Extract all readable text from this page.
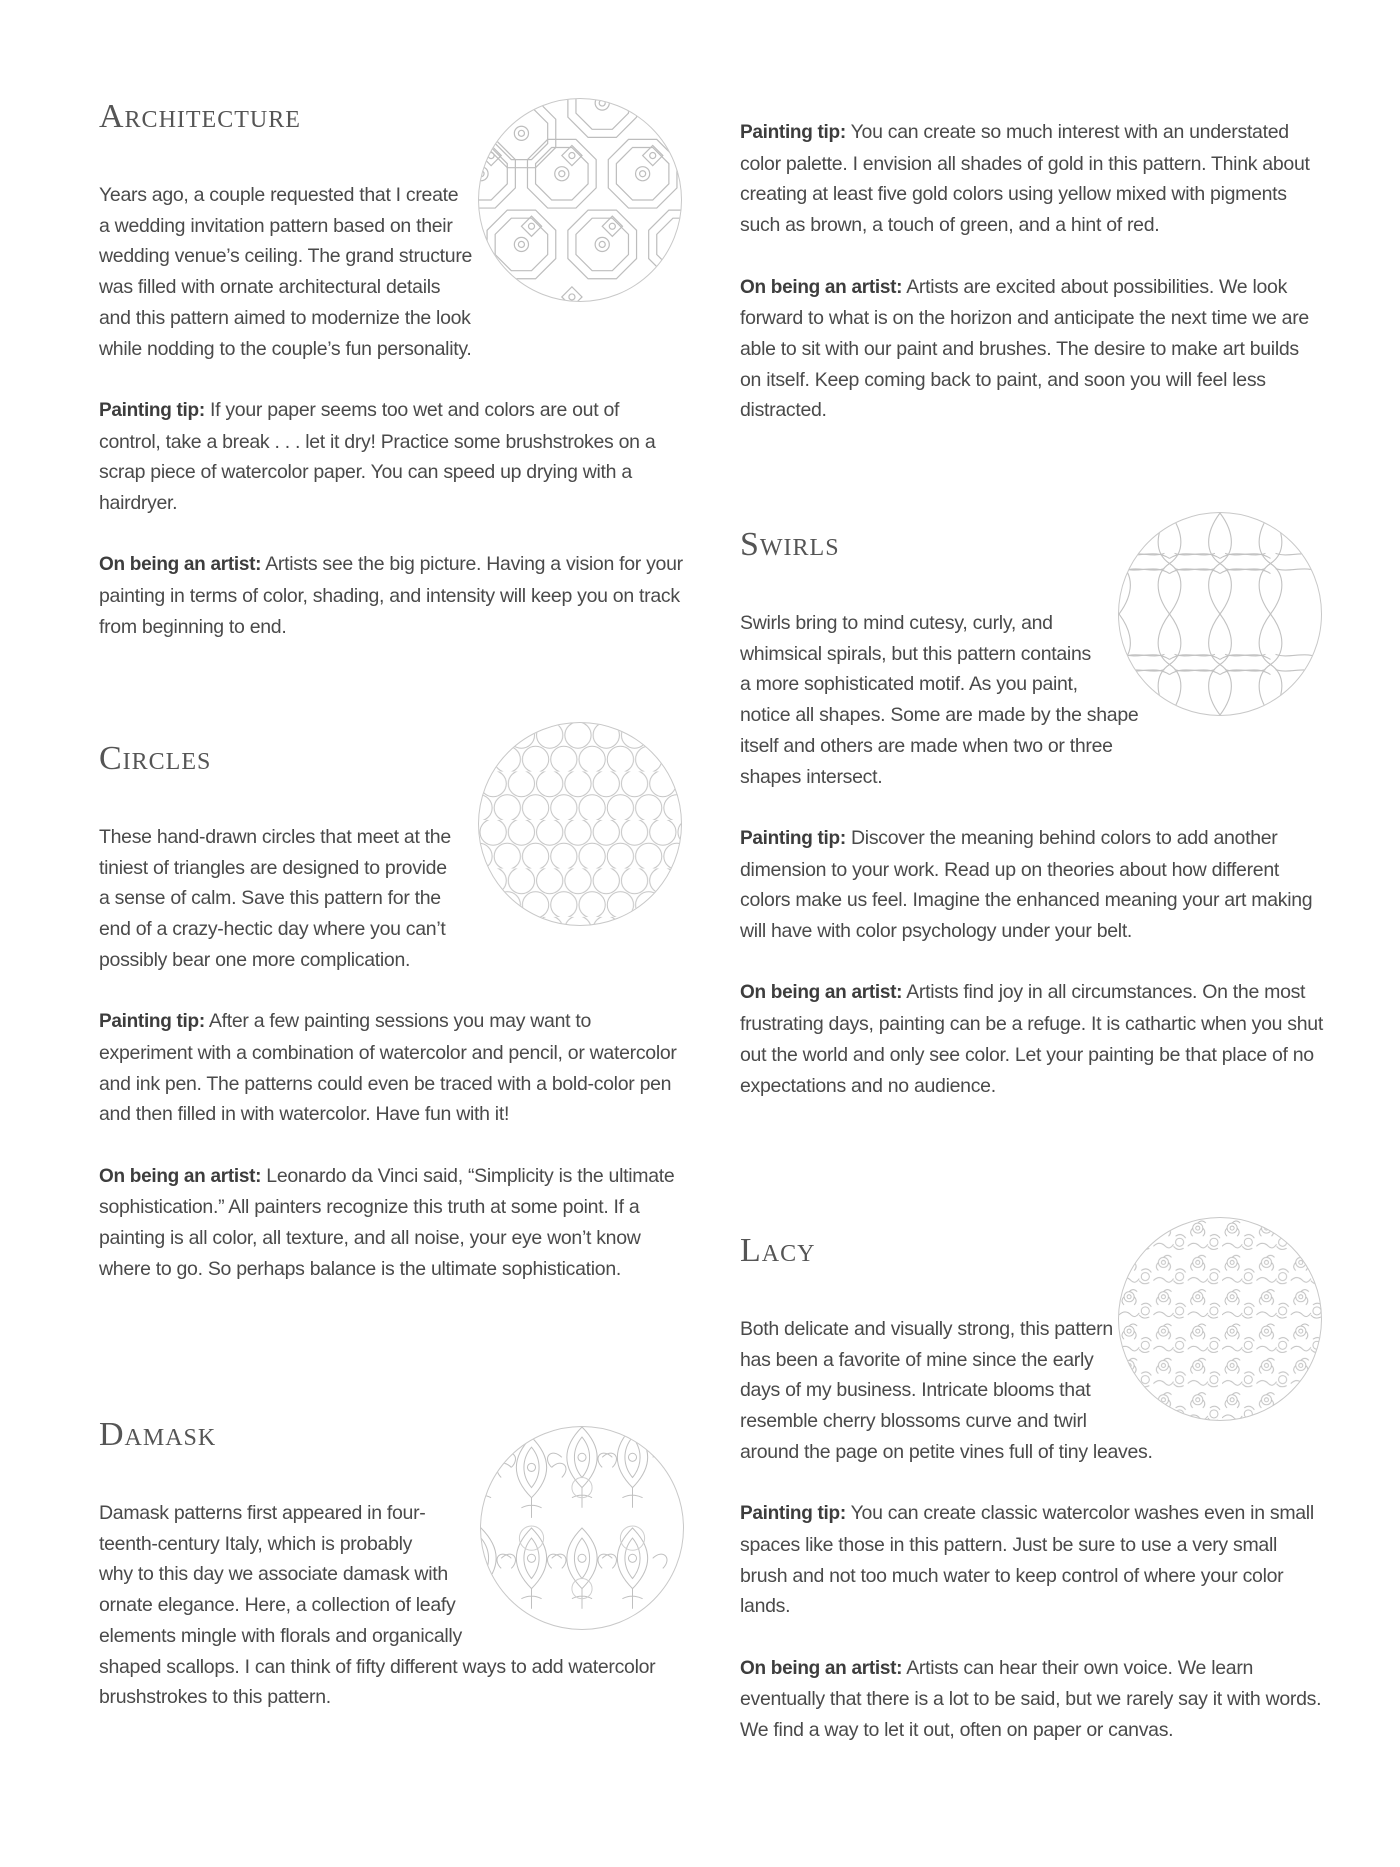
Architecture

Years ago, a couple requested that I create
a wedding invitation pattern based on their
wedding venue’s ceiling. The grand structure
was filled with ornate architectural details
and this pattern aimed to modernize the look
while nodding to the couple’s fun personality.

Painting tip: If your paper seems too wet and colors are out of control, take a break . . . let it dry! Practice some brushstrokes on a scrap piece of watercolor paper. You can speed up drying with a hairdryer.

On being an artist: Artists see the big picture. Having a vision for your painting in terms of color, shading, and intensity will keep you on track from beginning to end.

Circles

These hand-drawn circles that meet at the
tiniest of triangles are designed to provide
a sense of calm. Save this pattern for the
end of a crazy-hectic day where you can’t
possibly bear one more complication.

Painting tip: After a few painting sessions you may want to experiment with a combination of watercolor and pencil, or watercolor and ink pen. The patterns could even be traced with a bold-color pen and then filled in with watercolor. Have fun with it!

On being an artist: Leonardo da Vinci said, “Simplicity is the ultimate sophistication.” All painters recognize this truth at some point. If a painting is all color, all texture, and all noise, your eye won’t know where to go. So perhaps balance is the ultimate sophistication.

Damask

Damask patterns first appeared in four-
teenth-century Italy, which is probably
why to this day we associate damask with
ornate elegance. Here, a collection of leafy
elements mingle with florals and organically
shaped scallops. I can think of fifty different ways to add watercolor
brushstrokes to this pattern.

Painting tip: You can create so much interest with an understated color palette. I envision all shades of gold in this pattern. Think about creating at least five gold colors using yellow mixed with pigments such as brown, a touch of green, and a hint of red.

On being an artist: Artists are excited about possibilities. We look forward to what is on the horizon and anticipate the next time we are able to sit with our paint and brushes. The desire to make art builds on itself. Keep coming back to paint, and soon you will feel less distracted.

Swirls

Swirls bring to mind cutesy, curly, and
whimsical spirals, but this pattern contains
a more sophisticated motif. As you paint,
notice all shapes. Some are made by the shape
itself and others are made when two or three
shapes intersect.

Painting tip: Discover the meaning behind colors to add another dimension to your work. Read up on theories about how different colors make us feel. Imagine the enhanced meaning your art making will have with color psychology under your belt.

On being an artist: Artists find joy in all circumstances. On the most frustrating days, painting can be a refuge. It is cathartic when you shut out the world and only see color. Let your painting be that place of no expectations and no audience.

Lacy

Both delicate and visually strong, this pattern
has been a favorite of mine since the early
days of my business. Intricate blooms that
resemble cherry blossoms curve and twirl
around the page on petite vines full of tiny leaves.

Painting tip: You can create classic watercolor washes even in small spaces like those in this pattern. Just be sure to use a very small brush and not too much water to keep control of where your color lands.

On being an artist: Artists can hear their own voice. We learn eventually that there is a lot to be said, but we rarely say it with words. We find a way to let it out, often on paper or canvas.
